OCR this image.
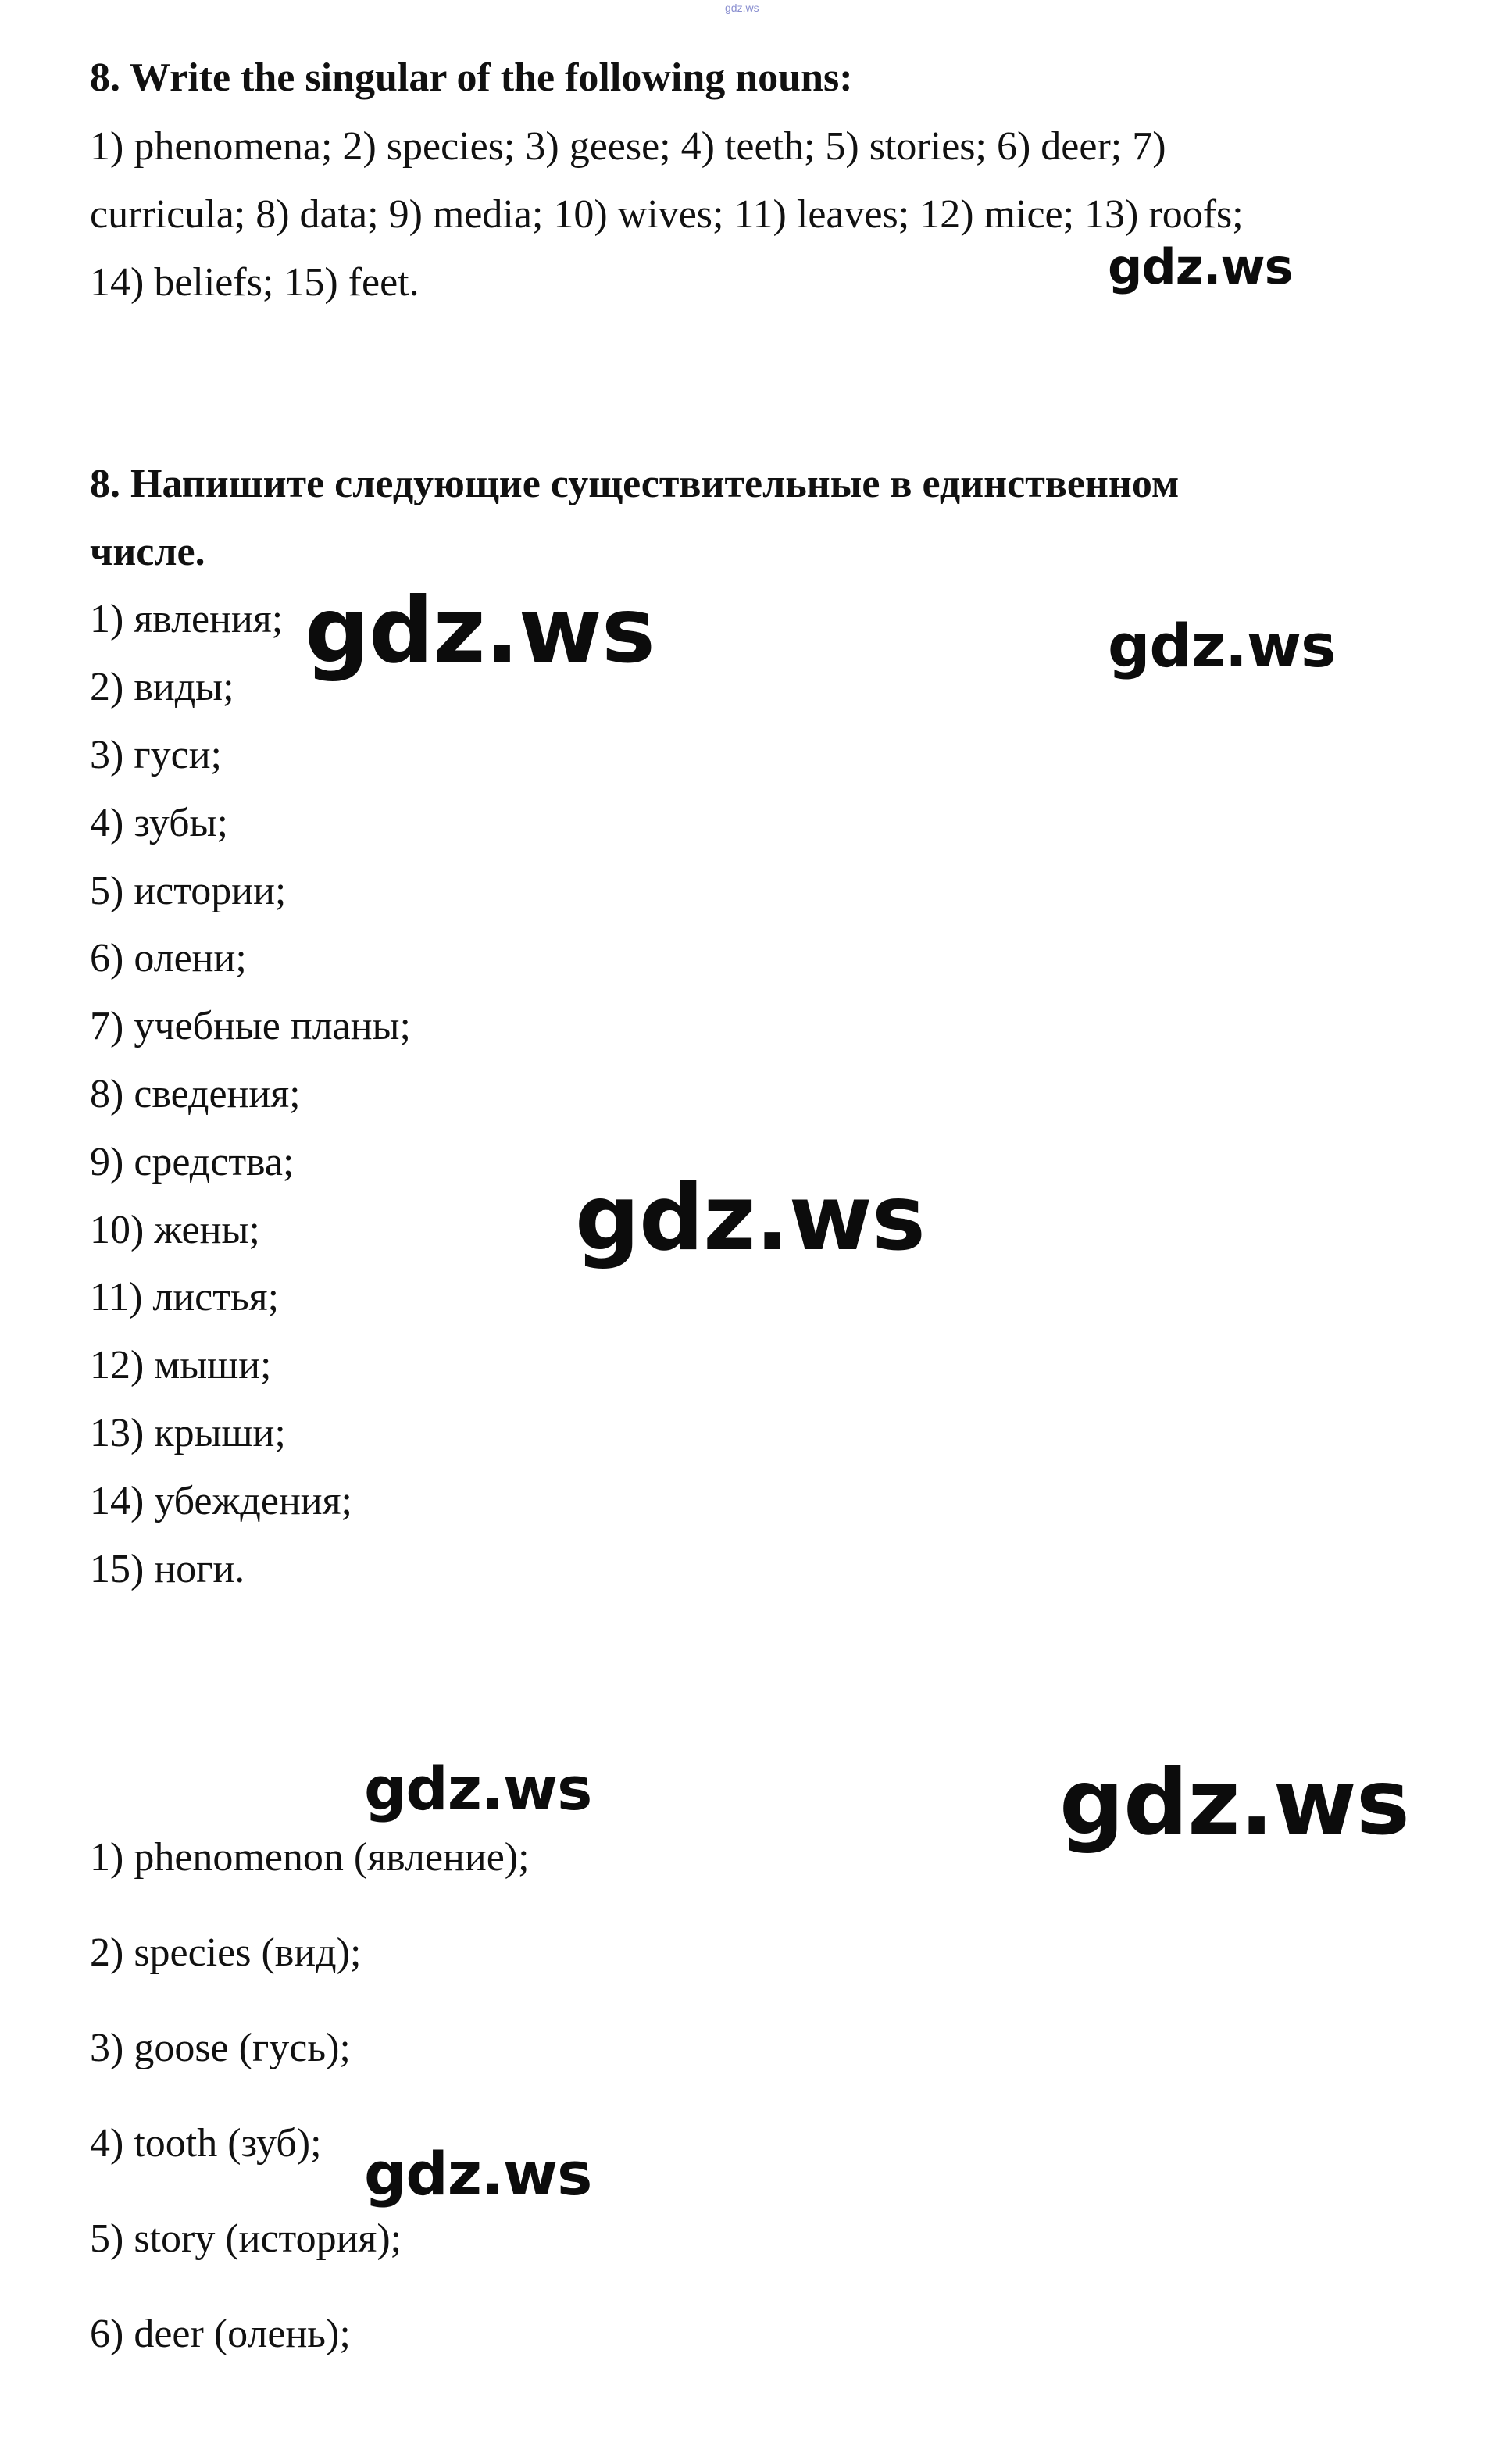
gdz.ws
8. Write the singular of the following nouns:
1) phenomena; 2) species; 3) geese; 4) teeth; 5) stories; 6) deer; 7)
curricula; 8) data; 9) media; 10) wives; 11) leaves; 12) mice; 13) roofs;
14) beliefs; 15) feet.
8. Напишите следующие существительные в единственном
числе.
1) явления;
2) виды;
3) гуси;
4) зубы;
5) истории;
6) олени;
7) учебные планы;
8) сведения;
9) средства;
10) жены;
11) листья;
12) мыши;
13) крыши;
14) убеждения;
15) ноги.
1) phenomenon (явление);
2) species (вид);
3) goose (гусь);
4) tooth (зуб);
5) story (история);
6) deer (олень);
gdz.ws
gdz.ws	gdz.ws
gdz.ws
gdz.ws	gdz.ws
gdz.ws
